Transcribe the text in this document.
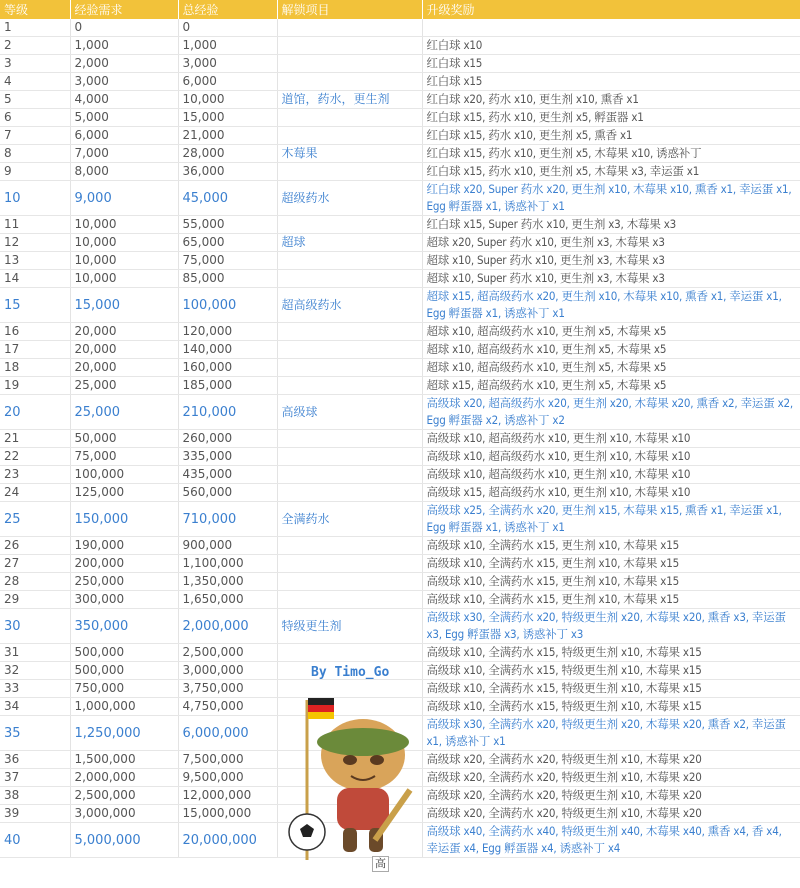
等级	经验需求	总经验	解锁项目	升级奖励
1	0	0		
2	1,000	1,000		红白球 x10
3	2,000	3,000		红白球 x15
4	3,000	6,000		红白球 x15
5	4,000	10,000	道馆，药水，更生剂	红白球 x20, 药水 x10, 更生剂 x10, 熏香 x1
6	5,000	15,000		红白球 x15, 药水 x10, 更生剂 x5, 孵蛋器 x1
7	6,000	21,000		红白球 x15, 药水 x10, 更生剂 x5, 熏香 x1
8	7,000	28,000	木莓果	红白球 x15, 药水 x10, 更生剂 x5, 木莓果 x10, 诱惑补丁
9	8,000	36,000		红白球 x15, 药水 x10, 更生剂 x5, 木莓果 x3, 幸运蛋 x1
10	9,000	45,000	超级药水	红白球 x20, Super 药水 x20, 更生剂 x10, 木莓果 x10, 熏香 x1, 幸运蛋 x1, Egg 孵蛋器 x1, 诱惑补丁 x1
11	10,000	55,000		红白球 x15, Super 药水 x10, 更生剂 x3, 木莓果 x3
12	10,000	65,000	超球	超球 x20, Super 药水 x10, 更生剂 x3, 木莓果 x3
13	10,000	75,000		超球 x10, Super 药水 x10, 更生剂 x3, 木莓果 x3
14	10,000	85,000		超球 x10, Super 药水 x10, 更生剂 x3, 木莓果 x3
15	15,000	100,000	超高级药水	超球 x15, 超高级药水 x20, 更生剂 x10, 木莓果 x10, 熏香 x1, 幸运蛋 x1, Egg 孵蛋器 x1, 诱惑补丁 x1
16	20,000	120,000		超球 x10, 超高级药水 x10, 更生剂 x5, 木莓果 x5
17	20,000	140,000		超球 x10, 超高级药水 x10, 更生剂 x5, 木莓果 x5
18	20,000	160,000		超球 x10, 超高级药水 x10, 更生剂 x5, 木莓果 x5
19	25,000	185,000		超球 x15, 超高级药水 x10, 更生剂 x5, 木莓果 x5
20	25,000	210,000	高级球	高级球 x20, 超高级药水 x20, 更生剂 x20, 木莓果 x20, 熏香 x2, 幸运蛋 x2, Egg 孵蛋器 x2, 诱惑补丁 x2
21	50,000	260,000		高级球 x10, 超高级药水 x10, 更生剂 x10, 木莓果 x10
22	75,000	335,000		高级球 x10, 超高级药水 x10, 更生剂 x10, 木莓果 x10
23	100,000	435,000		高级球 x10, 超高级药水 x10, 更生剂 x10, 木莓果 x10
24	125,000	560,000		高级球 x15, 超高级药水 x10, 更生剂 x10, 木莓果 x10
25	150,000	710,000	全满药水	高级球 x25, 全满药水 x20, 更生剂 x15, 木莓果 x15, 熏香 x1, 幸运蛋 x1, Egg 孵蛋器 x1, 诱惑补丁 x1
26	190,000	900,000		高级球 x10, 全满药水 x15, 更生剂 x10, 木莓果 x15
27	200,000	1,100,000		高级球 x10, 全满药水 x15, 更生剂 x10, 木莓果 x15
28	250,000	1,350,000		高级球 x10, 全满药水 x15, 更生剂 x10, 木莓果 x15
29	300,000	1,650,000		高级球 x10, 全满药水 x15, 更生剂 x10, 木莓果 x15
30	350,000	2,000,000	特级更生剂	高级球 x30, 全满药水 x20, 特级更生剂 x20, 木莓果 x20, 熏香 x3, 幸运蛋 x3, Egg 孵蛋器 x3, 诱惑补丁 x3
31	500,000	2,500,000		高级球 x10, 全满药水 x15, 特级更生剂 x10, 木莓果 x15
32	500,000	3,000,000		高级球 x10, 全满药水 x15, 特级更生剂 x10, 木莓果 x15
33	750,000	3,750,000		高级球 x10, 全满药水 x15, 特级更生剂 x10, 木莓果 x15
34	1,000,000	4,750,000		高级球 x10, 全满药水 x15, 特级更生剂 x10, 木莓果 x15
35	1,250,000	6,000,000		高级球 x30, 全满药水 x20, 特级更生剂 x20, 木莓果 x20, 熏香 x2, 幸运蛋 x1, 诱惑补丁 x1
36	1,500,000	7,500,000		高级球 x20, 全满药水 x20, 特级更生剂 x10, 木莓果 x20
37	2,000,000	9,500,000		高级球 x20, 全满药水 x20, 特级更生剂 x10, 木莓果 x20
38	2,500,000	12,000,000		高级球 x20, 全满药水 x20, 特级更生剂 x10, 木莓果 x20
39	3,000,000	15,000,000		高级球 x20, 全满药水 x20, 特级更生剂 x10, 木莓果 x20
40	5,000,000	20,000,000		高级球 x40, 全满药水 x40, 特级更生剂 x40, 木莓果 x40, 熏香 x4, 香 x4, 幸运蛋 x4, Egg 孵蛋器 x4, 诱惑补丁 x4
By Timo_Go
高
